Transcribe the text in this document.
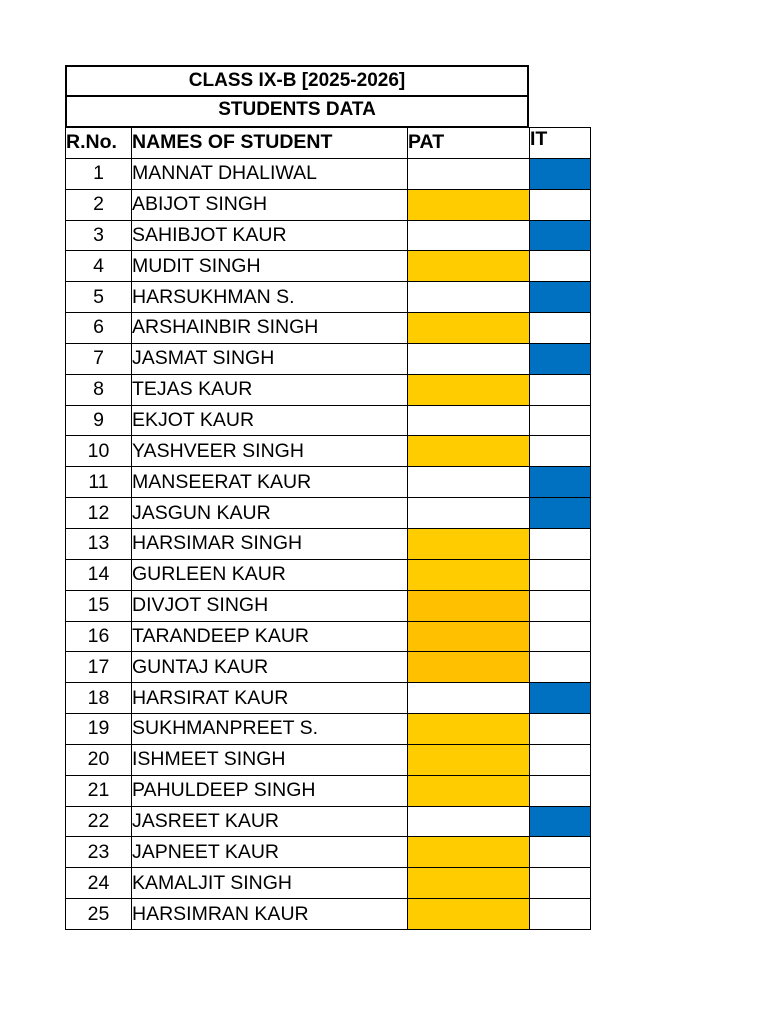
CLASS IX-B [2025-2026]
STUDENTS DATA
R.No.	NAMES OF STUDENT	PAT	IT
1	MANNAT DHALIWAL		
2	ABIJOT SINGH		
3	SAHIBJOT KAUR		
4	MUDIT SINGH		
5	HARSUKHMAN S.		
6	ARSHAINBIR SINGH		
7	JASMAT SINGH		
8	TEJAS KAUR		
9	EKJOT KAUR		
10	YASHVEER SINGH		
11	MANSEERAT KAUR		
12	JASGUN KAUR		
13	HARSIMAR SINGH		
14	GURLEEN KAUR		
15	DIVJOT SINGH		
16	TARANDEEP KAUR		
17	GUNTAJ KAUR		
18	HARSIRAT KAUR		
19	SUKHMANPREET S.		
20	ISHMEET SINGH		
21	PAHULDEEP SINGH		
22	JASREET KAUR		
23	JAPNEET KAUR		
24	KAMALJIT SINGH		
25	HARSIMRAN KAUR		
